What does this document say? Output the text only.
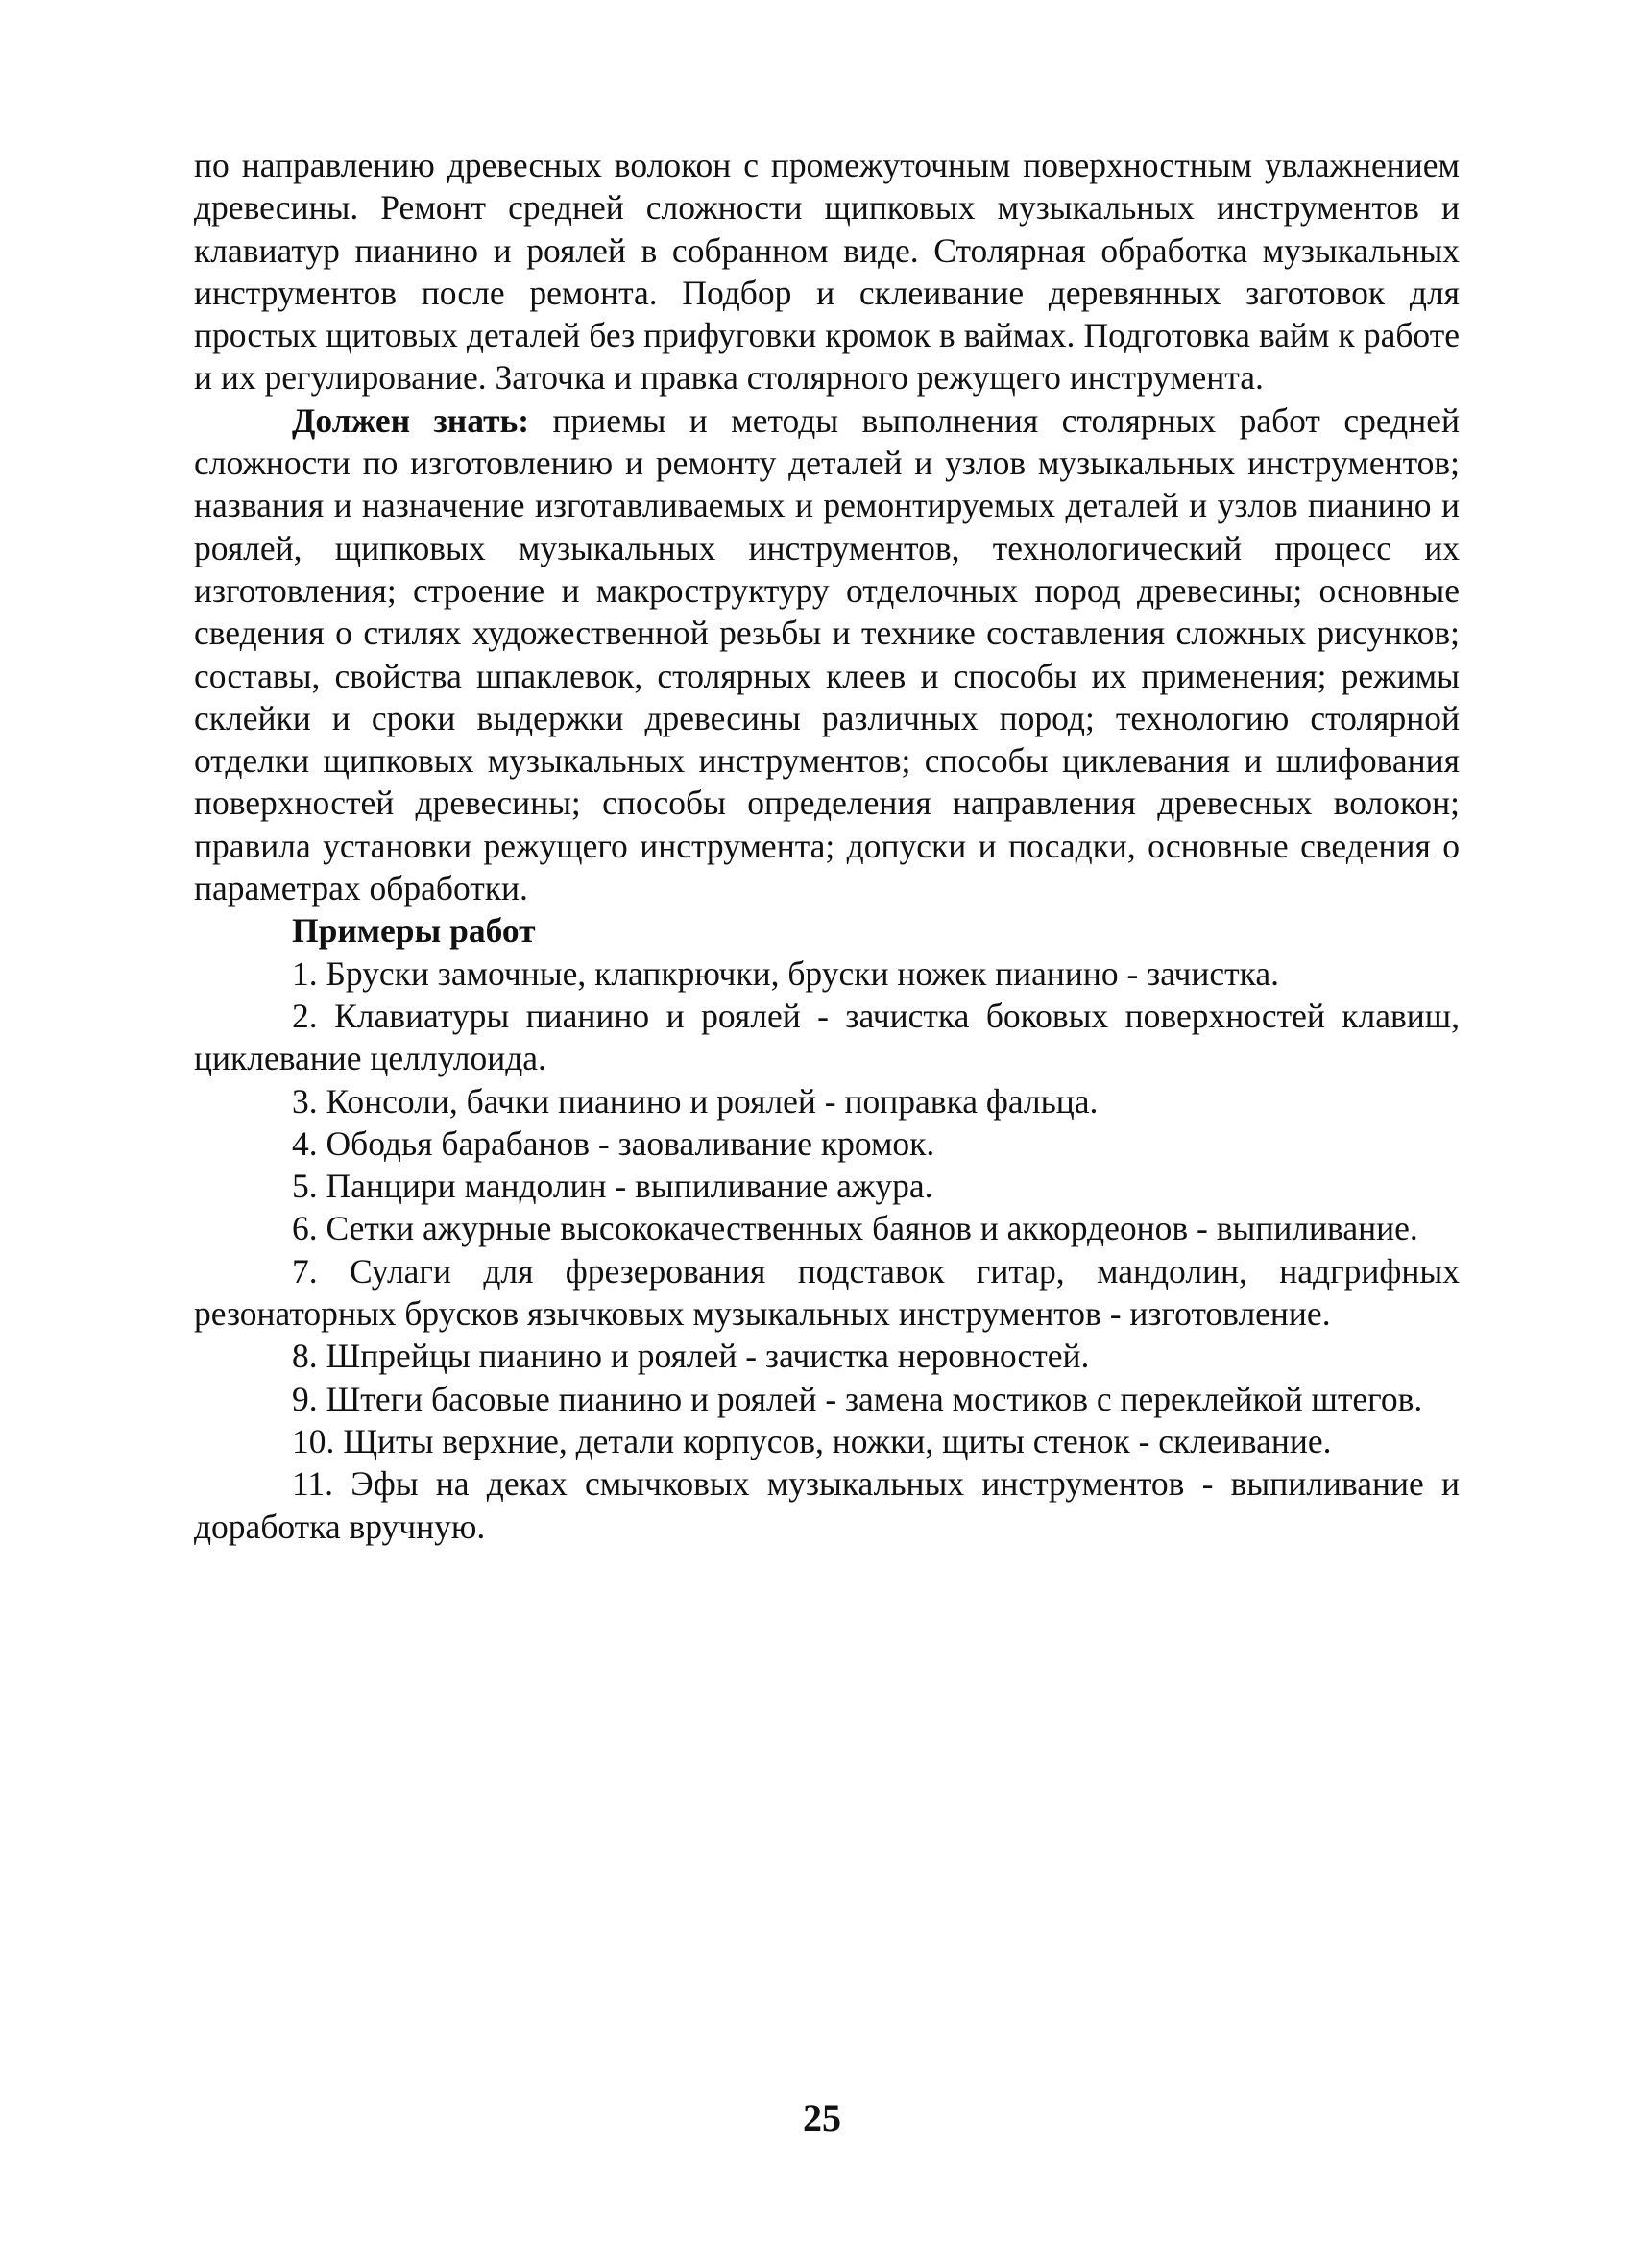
по направлению древесных волокон с промежуточным поверхностным увлажнением древесины. Ремонт средней сложности щипковых музыкальных инструментов и клавиатур пианино и роялей в собранном виде. Столярная обработка музыкальных инструментов после ремонта. Подбор и склеивание деревянных заготовок для простых щитовых деталей без прифуговки кромок в ваймах. Подготовка вайм к работе и их регулирование. Заточка и правка столярного режущего инструмента.

Должен знать: приемы и методы выполнения столярных работ средней сложности по изготовлению и ремонту деталей и узлов музыкальных инструментов; названия и назначение изготавливаемых и ремонтируемых деталей и узлов пианино и роялей, щипковых музыкальных инструментов, технологический процесс их изготовления; строение и макроструктуру отделочных пород древесины; основные сведения о стилях художественной резьбы и технике составления сложных рисунков; составы, свойства шпаклевок, столярных клеев и способы их применения; режимы склейки и сроки выдержки древесины различных пород; технологию столярной отделки щипковых музыкальных инструментов; способы циклевания и шлифования поверхностей древесины; способы определения направления древесных волокон; правила установки режущего инструмента; допуски и посадки, основные сведения о параметрах обработки.

Примеры работ

1. Бруски замочные, клапкрючки, бруски ножек пианино - зачистка.

2. Клавиатуры пианино и роялей - зачистка боковых поверхностей клавиш, циклевание целлулоида.

3. Консоли, бачки пианино и роялей - поправка фальца.

4. Ободья барабанов - заоваливание кромок.

5. Панцири мандолин - выпиливание ажура.

6. Сетки ажурные высококачественных баянов и аккордеонов - выпиливание.

7. Сулаги для фрезерования подставок гитар, мандолин, надгрифных резонаторных брусков язычковых музыкальных инструментов - изготовление.

8. Шпрейцы пианино и роялей - зачистка неровностей.

9. Штеги басовые пианино и роялей - замена мостиков с переклейкой штегов.

10. Щиты верхние, детали корпусов, ножки, щиты стенок - склеивание.

11. Эфы на деках смычковых музыкальных инструментов - выпиливание и доработка вручную.

25
